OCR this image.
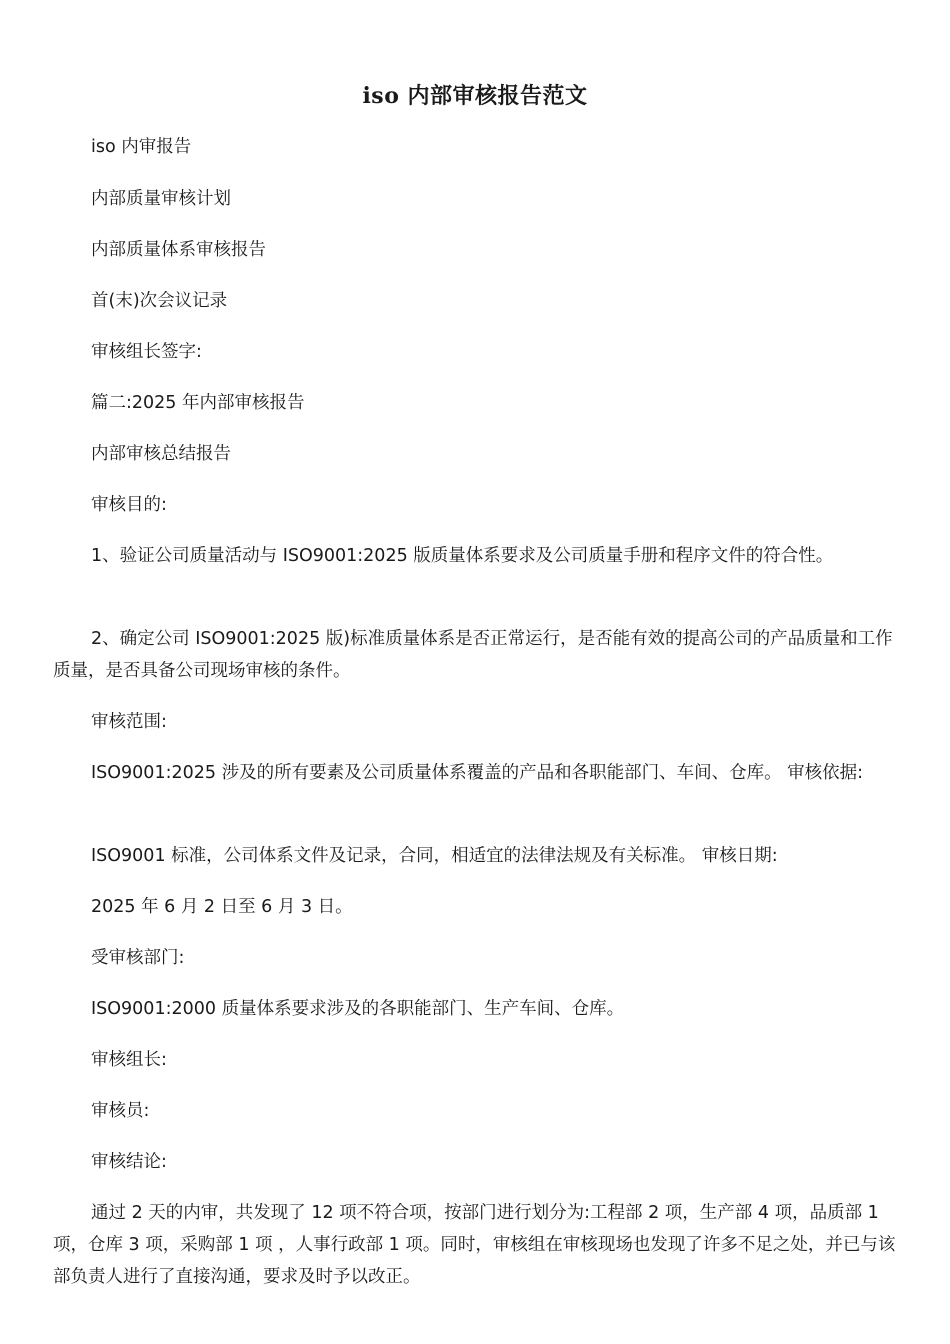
iso 内部审核报告范文

iso 内审报告

内部质量审核计划

内部质量体系审核报告

首(末)次会议记录

审核组长签字:

篇二:2025 年内部审核报告

内部审核总结报告

审核目的:

1、验证公司质量活动与 ISO9001:2025 版质量体系要求及公司质量手册和程序文件的符合性。

2、确定公司 ISO9001:2025 版)标准质量体系是否正常运行，是否能有效的提高公司的产品质量和工作质量，是否具备公司现场审核的条件。

审核范围:

ISO9001:2025 涉及的所有要素及公司质量体系覆盖的产品和各职能部门、车间、仓库。 审核依据:

ISO9001 标准，公司体系文件及记录，合同，相适宜的法律法规及有关标准。 审核日期:

2025 年 6 月 2 日至 6 月 3 日。

受审核部门:

ISO9001:2000 质量体系要求涉及的各职能部门、生产车间、仓库。

审核组长:

审核员:

审核结论:

通过 2 天的内审，共发现了 12 项不符合项，按部门进行划分为:工程部 2 项，生产部 4 项，品质部 1 项，仓库 3 项，采购部 1 项 ，人事行政部 1 项。同时，审核组在审核现场也发现了许多不足之处，并已与该部负责人进行了直接沟通，要求及时予以改正。
